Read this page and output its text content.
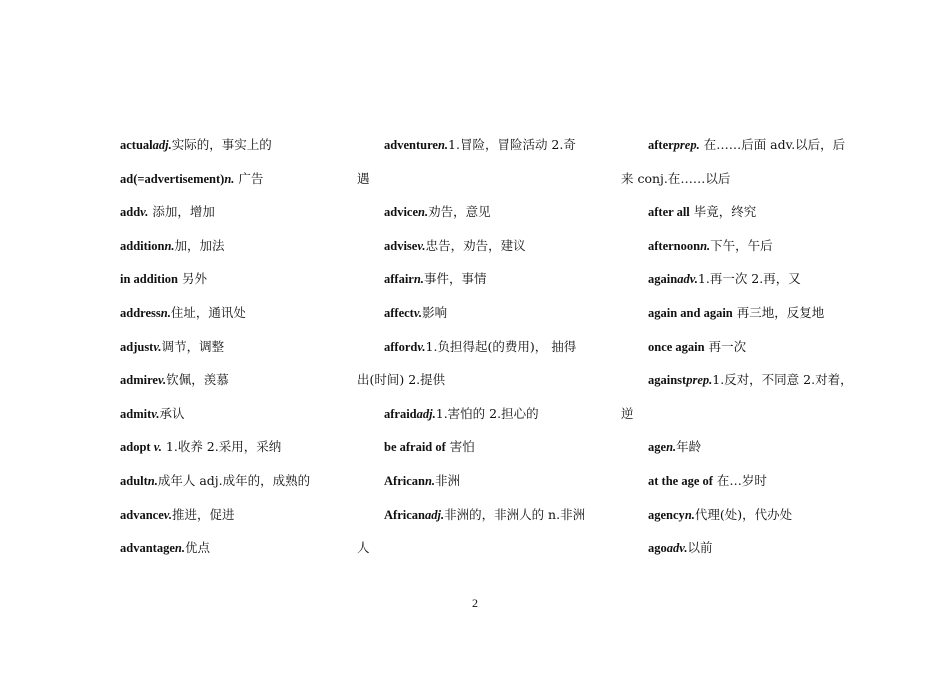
actualadj.实际的，事实上的
ad(=advertisement)n. 广告
addv. 添加，增加
additionn.加，加法
in addition 另外
addressn.住址，通讯处
adjustv.调节，调整
admirev.钦佩，羡慕
admitv.承认
adopt v. 1.收养 2.采用，采纳
adultn.成年人 adj.成年的，成熟的
advancev.推进，促进
advantagen.优点
adventuren.1.冒险，冒险活动 2.奇
遇
advicen.劝告，意见
advisev.忠告，劝告，建议
affairn.事件，事情
affectv.影响
affordv.1.负担得起(的费用)， 抽得
出(时间) 2.提供
afraidadj.1.害怕的 2.担心的
be afraid of 害怕
Africann.非洲
Africanadj.非洲的，非洲人的 n.非洲
人
afterprep. 在……后面 adv.以后，后
来 conj.在……以后
after all 毕竟，终究
afternoonn.下午，午后
againadv.1.再一次 2.再，又
again and again 再三地，反复地
once again 再一次
againstprep.1.反对，不同意 2.对着，
逆
agen.年龄
at the age of 在…岁时
agencyn.代理(处)，代办处
agoadv.以前
2
